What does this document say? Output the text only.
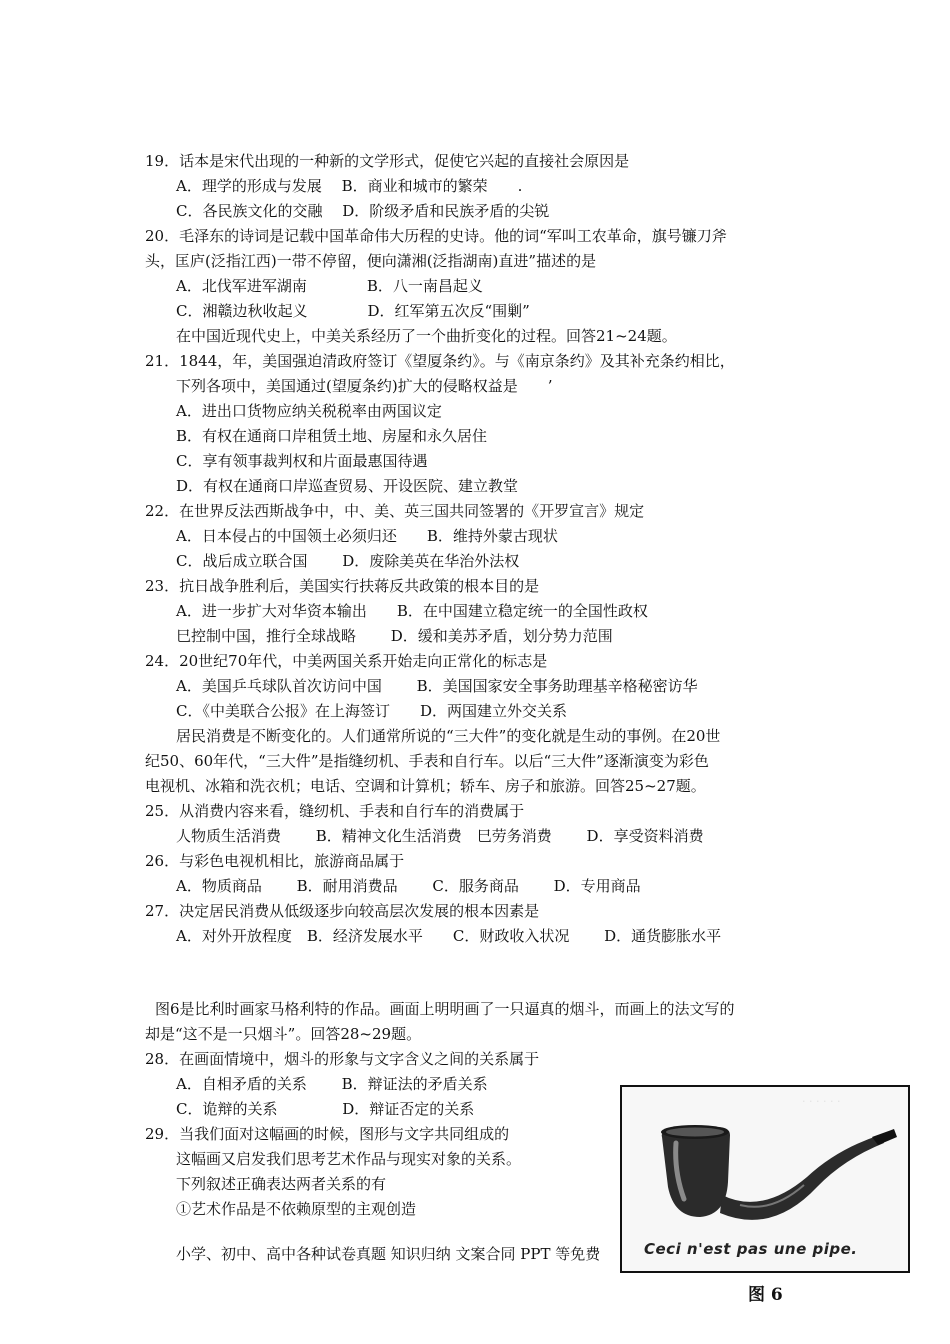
19．话本是宋代出现的一种新的文学形式，促使它兴起的直接社会原因是
A．理学的形成与发展　 B．商业和城市的繁荣　　.
C．各民族文化的交融　 D．阶级矛盾和民族矛盾的尖锐
20．毛泽东的诗词是记载中国革命伟大历程的史诗。他的词“军叫工农革命，旗号镰刀斧
头，匡庐(泛指江西)一带不停留，便向潇湘(泛指湖南)直进”描述的是
A．北伐军进军湖南　　　　B．八一南昌起义
C．湘赣边秋收起义　　　　D．红军第五次反“围剿”
在中国近现代史上，中美关系经历了一个曲折变化的过程。回答21~24题。
21．1844，年，美国强迫清政府签订《望厦条约》。与《南京条约》及其补充条约相比，
下列各项中，美国通过(望厦条约)扩大的侵略权益是　　’
A．进出口货物应纳关税税率由两国议定
B．有权在通商口岸租赁土地、房屋和永久居住
C．享有领事裁判权和片面最惠国待遇
D．有权在通商口岸巡查贸易、开设医院、建立教堂
22．在世界反法西斯战争中，中、美、英三国共同签署的《开罗宣言》规定
A．日本侵占的中国领土必须归还　　B．维持外蒙古现状
C．战后成立联合国　　 D．废除美英在华治外法权
23．抗日战争胜利后，美国实行扶蒋反共政策的根本目的是
A．进一步扩大对华资本输出　　B．在中国建立稳定统一的全国性政权
巳控制中国，推行全球战略　　 D．缓和美苏矛盾，划分势力范围
24．20世纪70年代，中美两国关系开始走向正常化的标志是
A．美国乒乓球队首次访问中国　　 B．美国国家安全事务助理基辛格秘密访华
C．《中美联合公报》在上海签订　　D．两国建立外交关系
居民消费是不断变化的。人们通常所说的“三大件”的变化就是生动的事例。在20世
纪50、60年代，“三大件”是指缝纫机、手表和自行车。以后“三大件”逐渐演变为彩色
电视机、冰箱和洗衣机；电话、空调和计算机；轿车、房子和旅游。回答25~27题。
25．从消费内容来看，缝纫机、手表和自行车的消费属于
人物质生活消费　　 B．精神文化生活消费　巳劳务消费　　 D．享受资料消费
26．与彩色电视机相比，旅游商品属于
A．物质商品　　 B．耐用消费品　　 C．服务商品　　 D．专用商品
27．决定居民消费从低级逐步向较高层次发展的根本因素是
A．对外开放程度　B．经济发展水平　　C．财政收入状况　　 D．通货膨胀水平
图6是比利时画家马格利特的作品。画面上明明画了一只逼真的烟斗，而画上的法文写的
却是“这不是一只烟斗”。回答28~29题。
28．在画面情境中，烟斗的形象与文字含义之间的关系属于
A．自相矛盾的关系　　 B．辩证法的矛盾关系
C．诡辩的关系　　　　 D．辩证否定的关系
29．当我们面对这幅画的时候，图形与文字共同组成的
这幅画又启发我们思考艺术作品与现实对象的关系。
下列叙述正确表达两者关系的有
①艺术作品是不依赖原型的主观创造
小学、初中、高中各种试卷真题 知识归纳 文案合同 PPT 等免费
· · · · · ·
Ceci n'est pas une pipe.
图 6
